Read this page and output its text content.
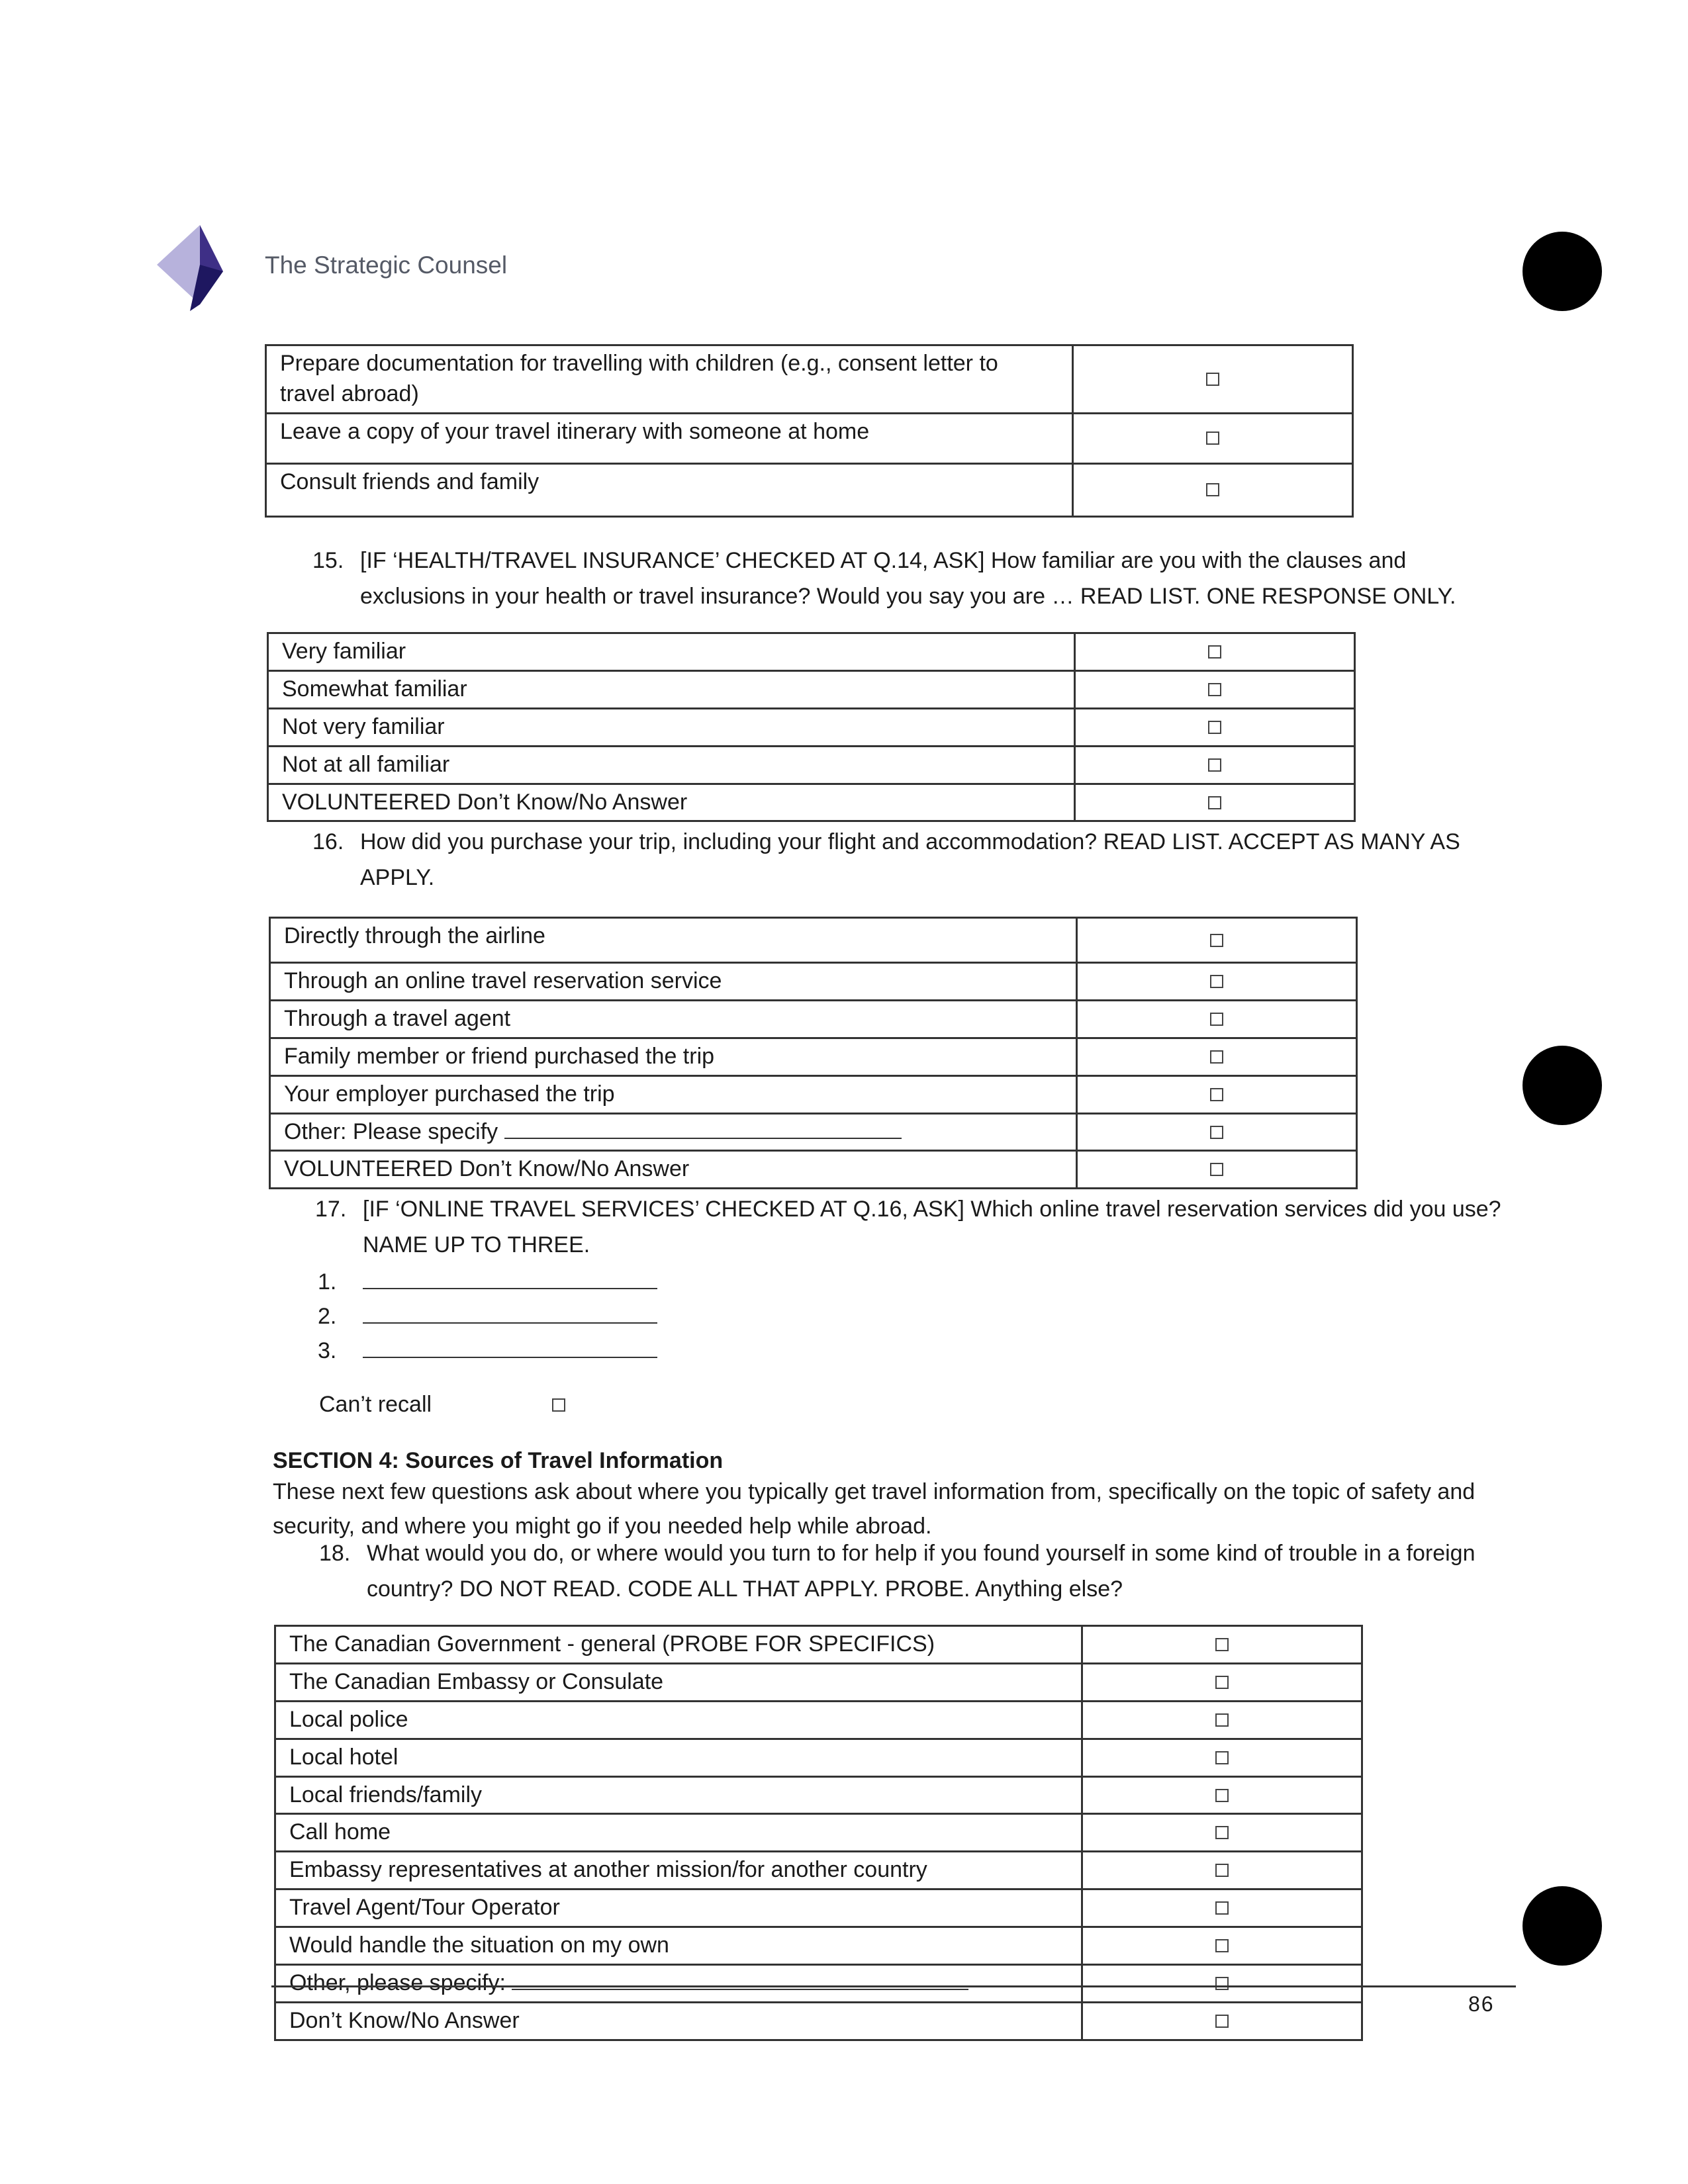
The Strategic Counsel
Prepare documentation for travelling with children (e.g., consent letter to travel abroad)	
Leave a copy of your travel itinerary with someone at home	
Consult friends and family	
15. [IF ‘HEALTH/TRAVEL INSURANCE’ CHECKED AT Q.14, ASK] How familiar are you with the clauses and exclusions in your health or travel insurance? Would you say you are … READ LIST. ONE RESPONSE ONLY.
Very familiar	
Somewhat familiar	
Not very familiar	
Not at all familiar	
VOLUNTEERED Don’t Know/No Answer	
16. How did you purchase your trip, including your flight and accommodation? READ LIST. ACCEPT AS MANY AS APPLY.
Directly through the airline	
Through an online travel reservation service	
Through a travel agent	
Family member or friend purchased the trip	
Your employer purchased the trip	
Other: Please specify	
VOLUNTEERED Don’t Know/No Answer	
17. [IF ‘ONLINE TRAVEL SERVICES’ CHECKED AT Q.16, ASK] Which online travel reservation services did you use? NAME UP TO THREE.
1.
2.
3.
Can’t recall
SECTION 4: Sources of Travel Information
These next few questions ask about where you typically get travel information from, specifically on the topic of safety and security, and where you might go if you needed help while abroad.
18. What would you do, or where would you turn to for help if you found yourself in some kind of trouble in a foreign country? DO NOT READ. CODE ALL THAT APPLY. PROBE. Anything else?
The Canadian Government - general (PROBE FOR SPECIFICS)	
The Canadian Embassy or Consulate	
Local police	
Local hotel	
Local friends/family	
Call home	
Embassy representatives at another mission/for another country	
Travel Agent/Tour Operator	
Would handle the situation on my own	
Other, please specify:	
Don’t Know/No Answer	
86
